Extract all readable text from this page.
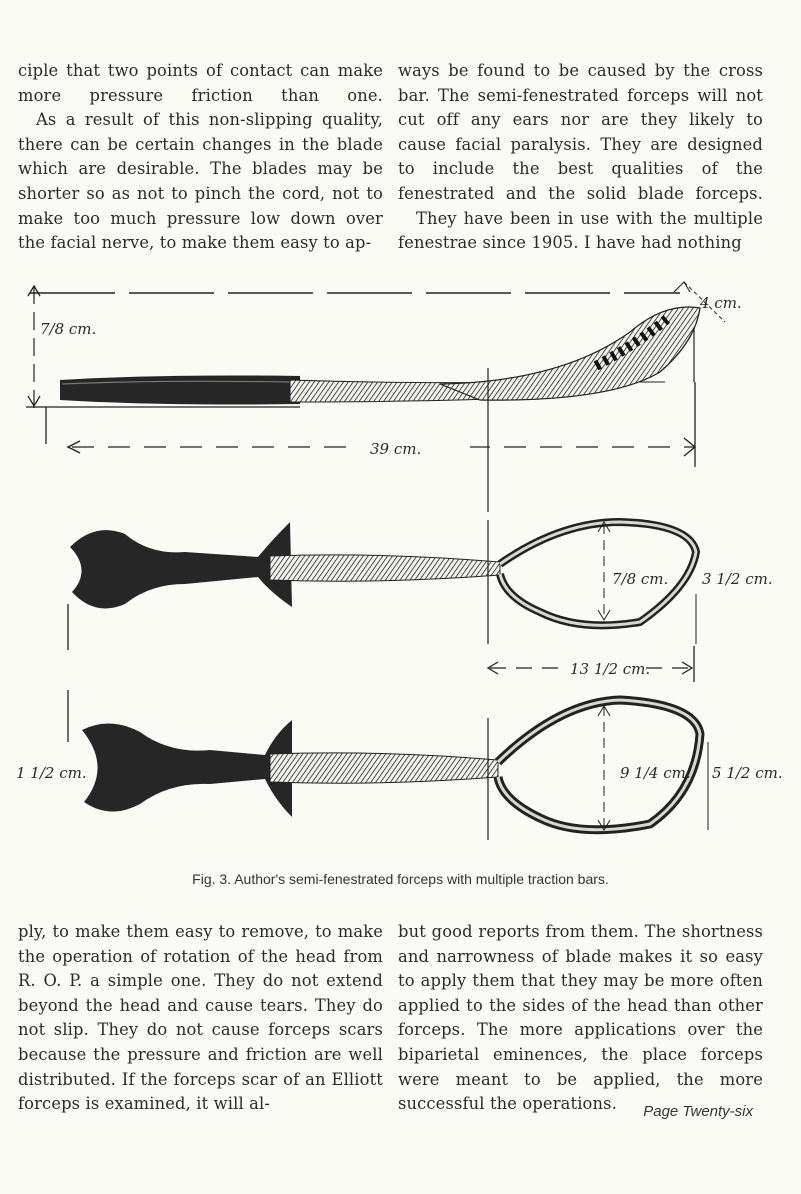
ciple that two points of contact can make more pressure friction than one.

As a result of this non-slipping quality, there can be certain changes in the blade which are desirable. The blades may be shorter so as not to pinch the cord, not to make too much pressure low down over the facial nerve, to make them easy to ap-

ways be found to be caused by the cross bar. The semi-fenestrated forceps will not cut off any ears nor are they likely to cause facial paralysis. They are designed to include the best qualities of the fenestrated and the solid blade forceps.

They have been in use with the multiple fenestrae since 1905. I have had nothing

4 cm.
7/8 cm.
39 cm.
7/8 cm. 3 1/2 cm.
13 1/2 cm.
9 1/4 cm. 5 1/2 cm.
1 1/2 cm.
Fig. 3. Author's semi-fenestrated forceps with multiple traction bars.

ply, to make them easy to remove, to make the operation of rotation of the head from R. O. P. a simple one. They do not extend beyond the head and cause tears. They do not slip. They do not cause forceps scars because the pressure and friction are well distributed. If the forceps scar of an Elliott forceps is examined, it will al-

but good reports from them. The shortness and narrowness of blade makes it so easy to apply them that they may be more often applied to the sides of the head than other forceps. The more applications over the biparietal eminences, the place forceps were meant to be applied, the more successful the operations.	Page Twenty-six
